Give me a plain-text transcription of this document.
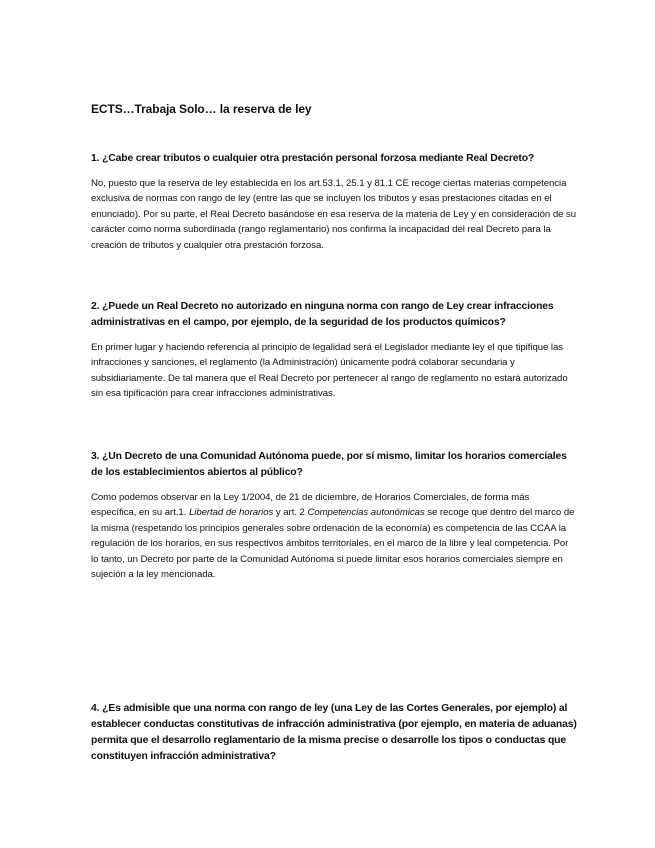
ECTS…Trabaja Solo… la reserva de ley

1. ¿Cabe crear tributos o cualquier otra prestación personal forzosa mediante Real Decreto?

No, puesto que la reserva de ley establecida en los art.53.1, 25.1 y 81.1 CE recoge ciertas materias competencia exclusiva de normas con rango de ley (entre las que se incluyen los tributos y esas prestaciones citadas en el enunciado). Por su parte, el Real Decreto basándose en esa reserva de la materia de Ley y en consideración de su carácter como norma subordinada (rango reglamentario) nos confirma la incapacidad del real Decreto para la creación de tributos y cualquier otra prestación forzosa.

2. ¿Puede un Real Decreto no autorizado en ninguna norma con rango de Ley crear infracciones administrativas en el campo, por ejemplo, de la seguridad de los productos químicos?

En primer lugar y haciendo referencia al principio de legalidad será el Legislador mediante ley el que tipifique las infracciones y sanciones, el reglamento (la Administración) únicamente podrá colaborar secundaria y subsidiariamente. De tal manera que el Real Decreto por pertenecer al rango de reglamento no estará autorizado sin esa tipificación para crear infracciones administrativas.

3. ¿Un Decreto de una Comunidad Autónoma puede, por sí mismo, limitar los horarios comerciales de los establecimientos abiertos al público?

Como podemos observar en la Ley 1/2004, de 21 de diciembre, de Horarios Comerciales, de forma más específica, en su art.1. Libertad de horarios y art. 2 Competencias autonómicas se recoge que dentro del marco de la misma (respetando los principios generales sobre ordenación de la economía) es competencia de las CCAA la regulación de los horarios, en sus respectivos ámbitos territoriales, en el marco de la libre y leal competencia. Por lo tanto, un Decreto por parte de la Comunidad Autónoma si puede limitar esos horarios comerciales siempre en sujeción a la ley mencionada.

4. ¿Es admisible que una norma con rango de ley (una Ley de las Cortes Generales, por ejemplo) al establecer conductas constitutivas de infracción administrativa (por ejemplo, en materia de aduanas) permita que el desarrollo reglamentario de la misma precise o desarrolle los tipos o conductas que constituyen infracción administrativa?
